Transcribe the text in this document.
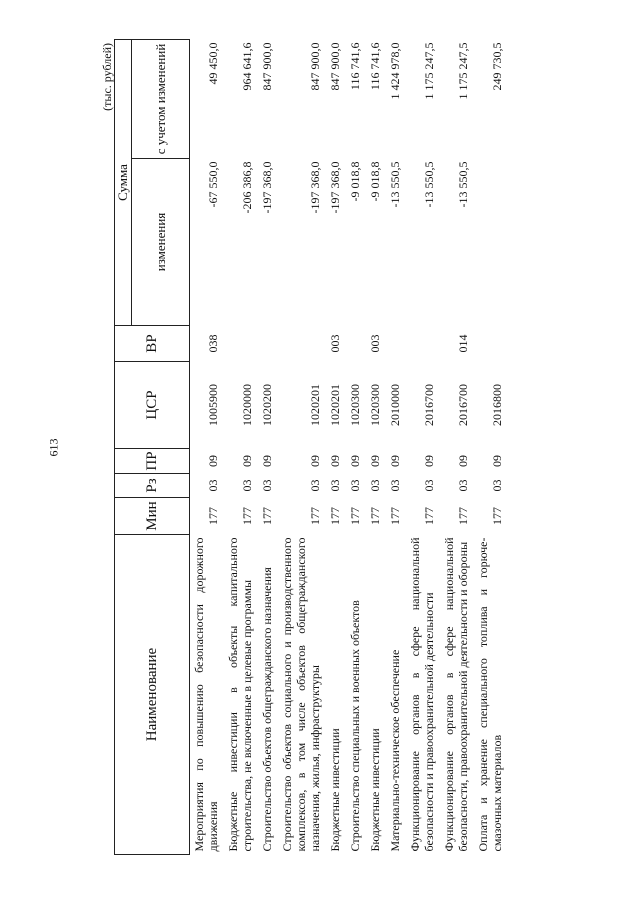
613
(тыс. рублей)
Наименование	Мин	Рз	ПР	ЦСР	ВР	Сумма	
						изменения	с учетом изменений
Мероприятия по повышению безопасности дорожного движения	177	03	09	1005900	038	-67 550,0	49 450,0
Бюджетные инвестиции в объекты капитального строительства, не включенные в целевые программы	177	03	09	1020000		-206 386,8	964 641,6
Строительство объектов общегражданского назначения	177	03	09	1020200		-197 368,0	847 900,0
Строительство объектов социального и производственного комплексов, в том числе объектов общегражданского назначения, жилья, инфраструктуры	177	03	09	1020201		-197 368,0	847 900,0
Бюджетные инвестиции	177	03	09	1020201	003	-197 368,0	847 900,0
Строительство специальных и военных объектов	177	03	09	1020300		-9 018,8	116 741,6
Бюджетные инвестиции	177	03	09	1020300	003	-9 018,8	116 741,6
Материально-техническое обеспечение	177	03	09	2010000		-13 550,5	1 424 978,0
Функционирование органов в сфере национальной безопасности и правоохранительной деятельности	177	03	09	2016700		-13 550,5	1 175 247,5
Функционирование органов в сфере национальной безопасности, правоохранительной деятельности и обороны	177	03	09	2016700	014	-13 550,5	1 175 247,5
Оплата и хранение специального топлива и горюче-смазочных материалов	177	03	09	2016800			249 730,5
